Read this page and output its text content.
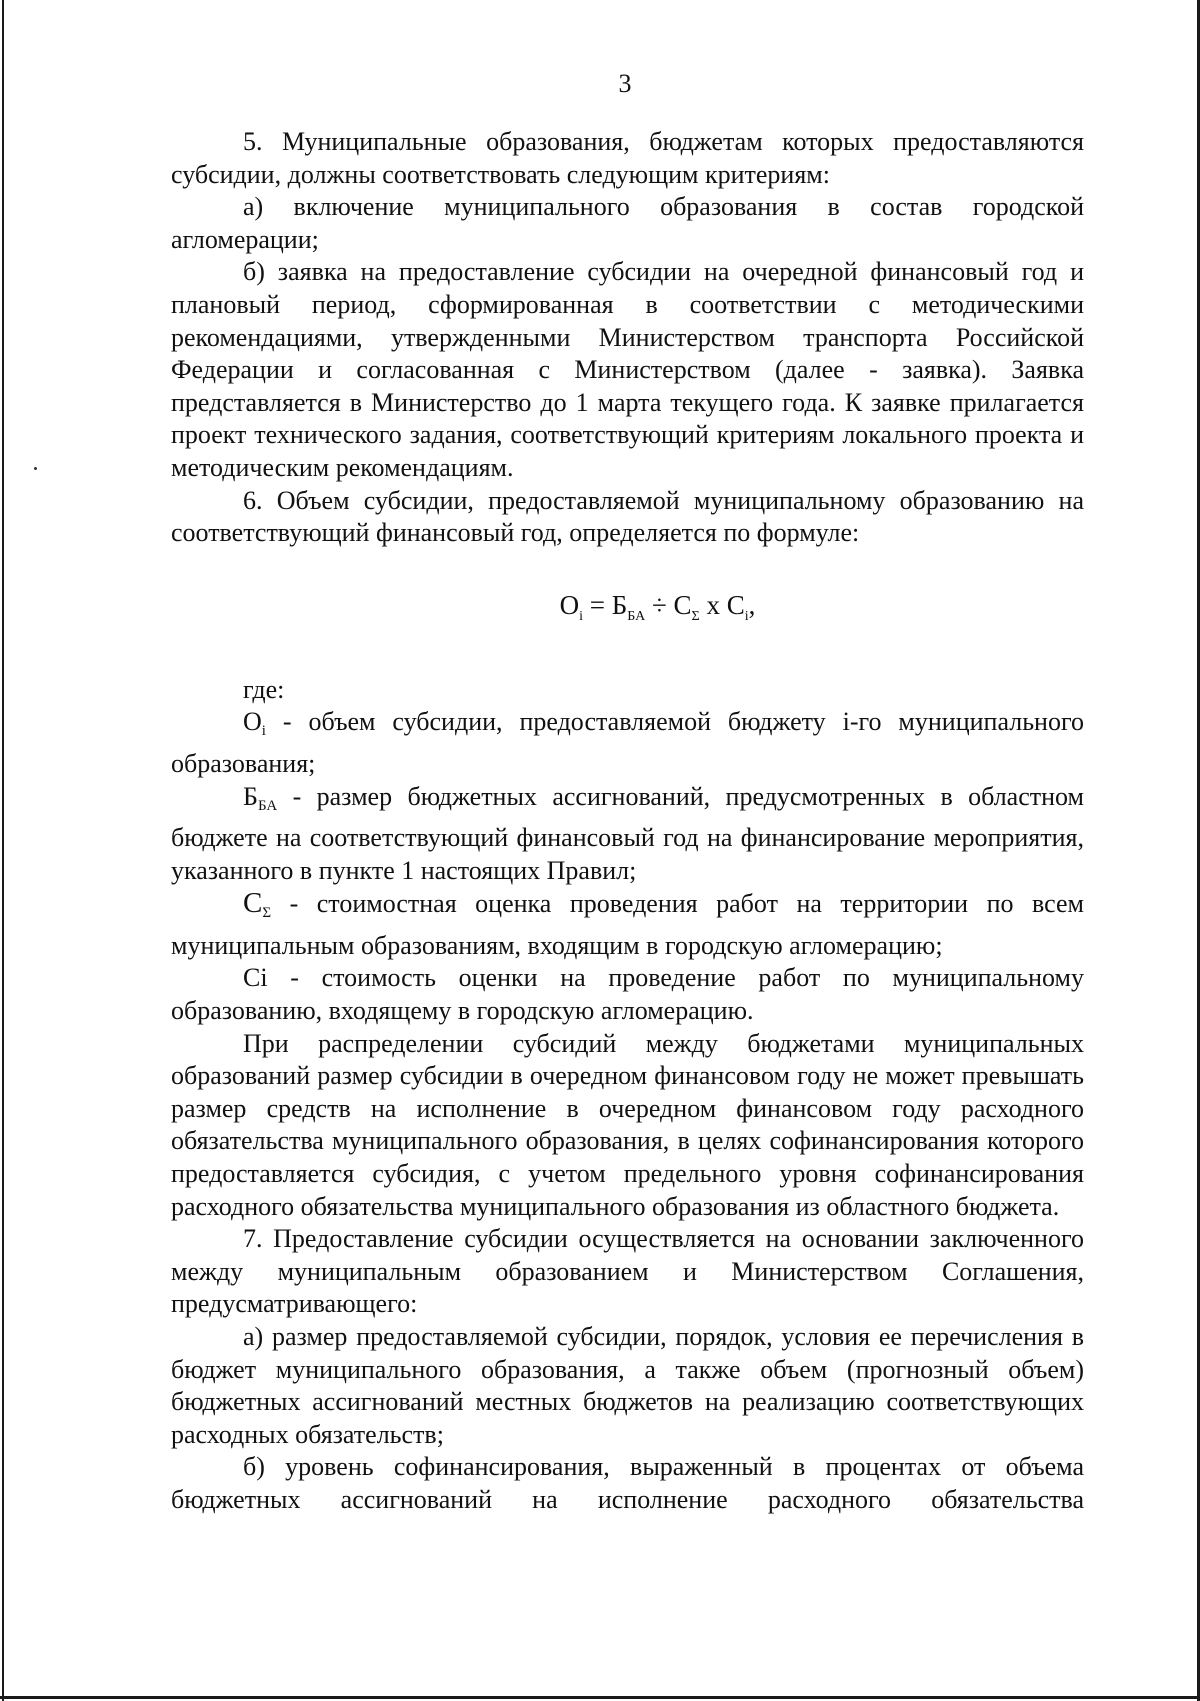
3

5. Муниципальные образования, бюджетам которых предоставляются субсидии, должны соответствовать следующим критериям:

а) включение муниципального образования в состав городской агломерации;

б) заявка на предоставление субсидии на очередной финансовый год и плановый период, сформированная в соответствии с методическими рекомендациями, утвержденными Министерством транспорта Российской Федерации и согласованная с Министерством (далее - заявка). Заявка представляется в Министерство до 1 марта текущего года. К заявке прилагается проект технического задания, соответствующий критериям локального проекта и методическим рекомендациям.

6. Объем субсидии, предоставляемой муниципальному образованию на соответствующий финансовый год, определяется по формуле:

$O_i = Б_{БА} \div C_\Sigma$ x $C_i$,

где:

$O_i$ - объем субсидии, предоставляемой бюджету i-го муниципального образования;

$Б_{БА}$ - размер бюджетных ассигнований, предусмотренных в областном бюджете на соответствующий финансовый год на финансирование мероприятия, указанного в пункте 1 настоящих Правил;

$C_\Sigma$ - стоимостная оценка проведения работ на территории по всем муниципальным образованиям, входящим в городскую агломерацию;

Ci - стоимость оценки на проведение работ по муниципальному образованию, входящему в городскую агломерацию.

При распределении субсидий между бюджетами муниципальных образований размер субсидии в очередном финансовом году не может превышать размер средств на исполнение в очередном финансовом году расходного обязательства муниципального образования, в целях софинансирования которого предоставляется субсидия, с учетом предельного уровня софинансирования расходного обязательства муниципального образования из областного бюджета.

7. Предоставление субсидии осуществляется на основании заключенного между муниципальным образованием и Министерством Соглашения, предусматривающего:

а) размер предоставляемой субсидии, порядок, условия ее перечисления в бюджет муниципального образования, а также объем (прогнозный объем) бюджетных ассигнований местных бюджетов на реализацию соответствующих расходных обязательств;

б) уровень софинансирования, выраженный в процентах от объема бюджетных ассигнований на исполнение расходного обязательства
